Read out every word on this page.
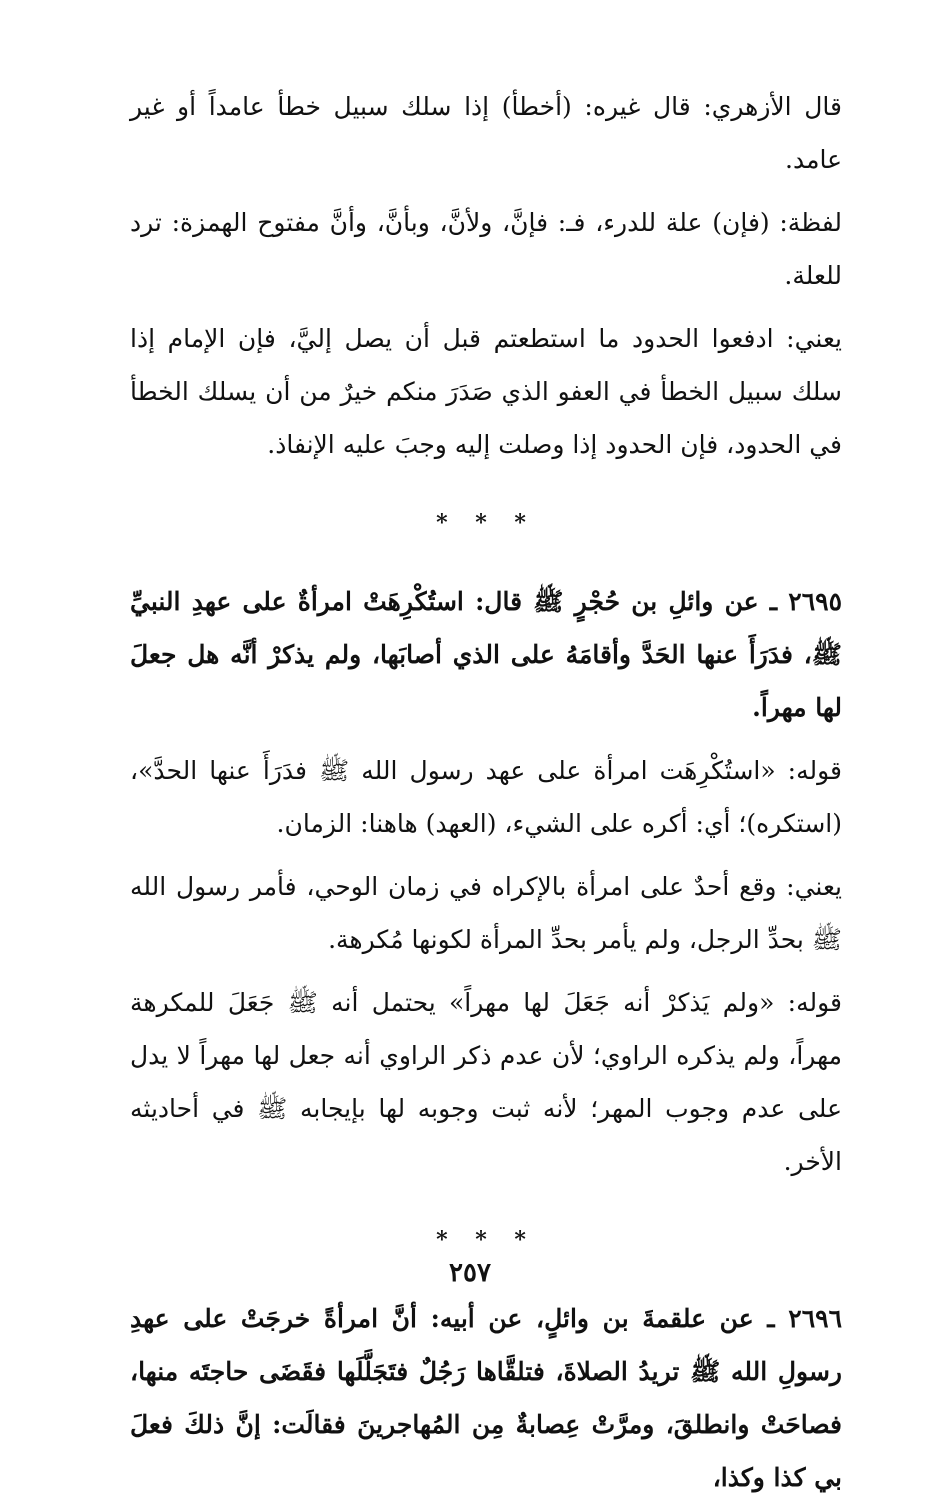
قال الأزهري: قال غيره: (أخطأ) إذا سلك سبيل خطأ عامداً أو غير عامد.

لفظة: (فإن) علة للدرء، فـ: فإنَّ، ولأنَّ، وبأنَّ، وأنَّ مفتوح الهمزة: ترد للعلة.

يعني: ادفعوا الحدود ما استطعتم قبل أن يصل إليَّ، فإن الإمام إذا سلك سبيل الخطأ في العفو الذي صَدَرَ منكم خيرٌ من أن يسلك الخطأ في الحدود، فإن الحدود إذا وصلت إليه وجبَ عليه الإنفاذ.

* * *

٢٦٩٥ ـ عن وائلِ بن حُجْرٍ ﷺ قال: استُكْرِهَتْ امرأةٌ على عهدِ النبيِّ ﷺ، فدَرَأَ عنها الحَدَّ وأقامَهُ على الذي أصابَها، ولم يذكرْ أنَّه هل جعلَ لها مهراً.

قوله: «استُكْرِهَت امرأة على عهد رسول الله ﷺ فدَرَأَ عنها الحدَّ»، (استكره)؛ أي: أكره على الشيء، (العهد) هاهنا: الزمان.

يعني: وقع أحدٌ على امرأة بالإكراه في زمان الوحي، فأمر رسول الله ﷺ بحدِّ الرجل، ولم يأمر بحدِّ المرأة لكونها مُكرهة.

قوله: «ولم يَذكرْ أنه جَعَلَ لها مهراً» يحتمل أنه ﷺ جَعَلَ للمكرهة مهراً، ولم يذكره الراوي؛ لأن عدم ذكر الراوي أنه جعل لها مهراً لا يدل على عدم وجوب المهر؛ لأنه ثبت وجوبه لها بإيجابه ﷺ في أحاديثه الأخر.

* * *

٢٦٩٦ ـ عن علقمةَ بن وائلٍ، عن أبيه: أنَّ امرأةً خرجَتْ على عهدِ رسولِ الله ﷺ تريدُ الصلاةَ، فتلقَّاها رَجُلٌ فتَجَلَّلَها فقَضَى حاجتَه منها، فصاحَتْ وانطلقَ، ومرَّتْ عِصابةٌ مِن المُهاجرينَ فقالَت: إنَّ ذلكَ فعلَ بي كذا وكذا،

٢٥٧
